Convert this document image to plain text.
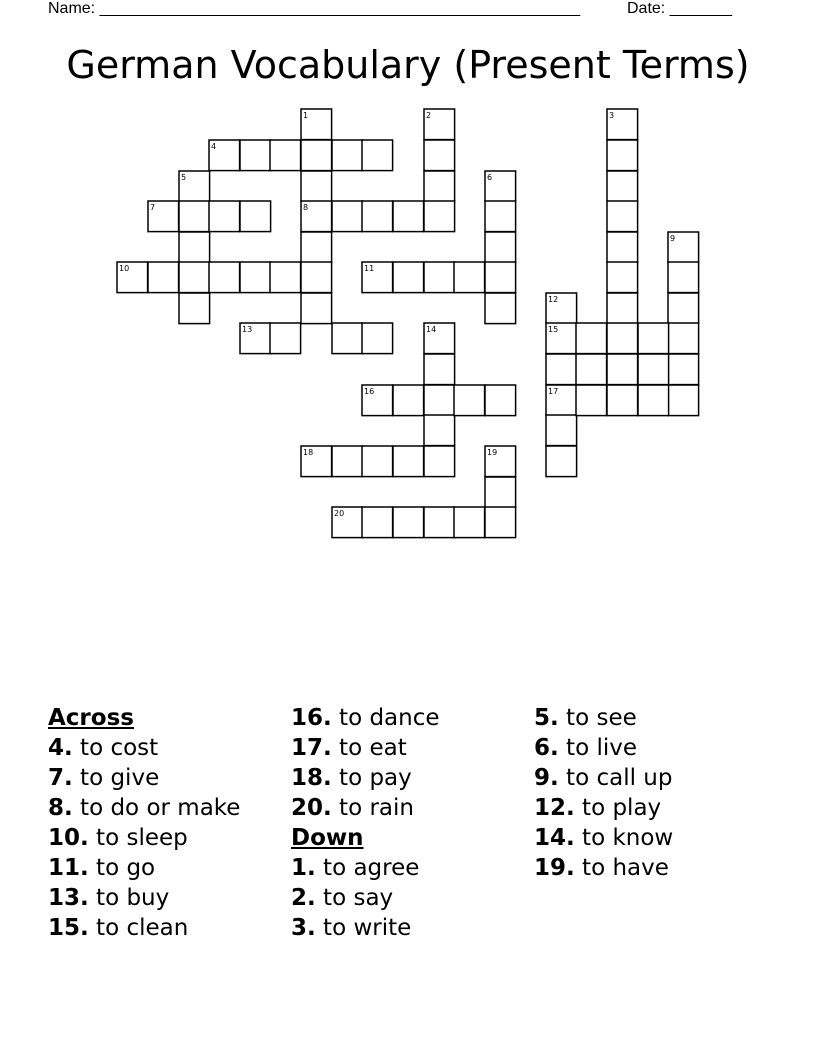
Name: ______________________________________________________	Date: _______
German Vocabulary (Present Terms)
1	2	3
4
5	6
7	8
9
10	11
12
13	14	15
16	17
18	19
20
Across
4. to cost
7. to give
8. to do or make
10. to sleep
11. to go
13. to buy
15. to clean
16. to dance
17. to eat
18. to pay
20. to rain
Down
1. to agree
2. to say
3. to write
5. to see
6. to live
9. to call up
12. to play
14. to know
19. to have
